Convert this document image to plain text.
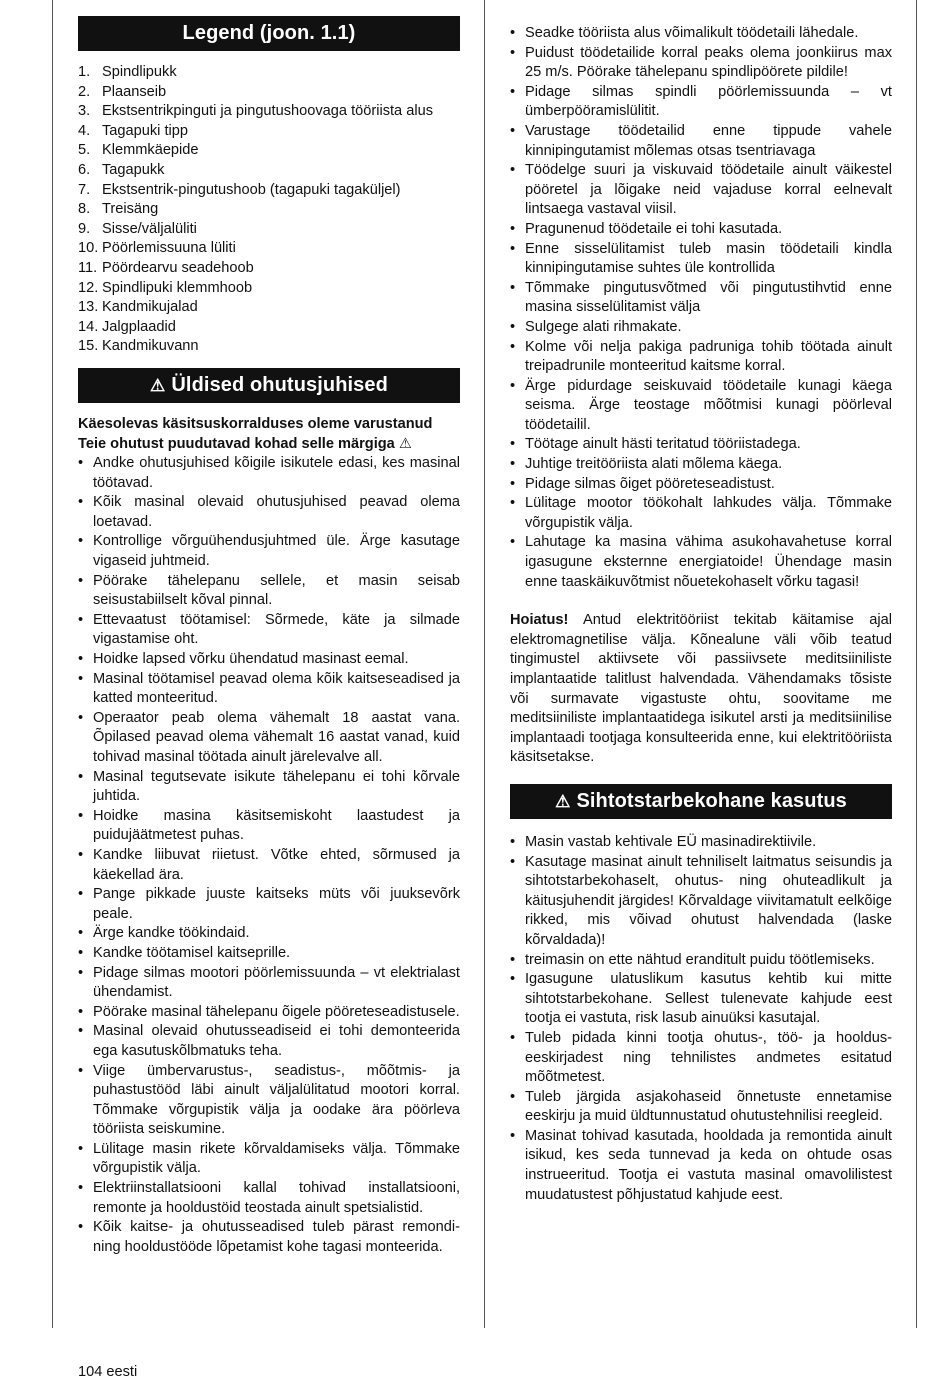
Legend (joon. 1.1)
1. Spindlipukk
2. Plaanseib
3. Ekstsentrikpinguti ja pingutushoovaga tööriista alus
4. Tagapuki tipp
5. Klemmkäepide
6. Tagapukk
7. Ekstsentrik-pingutushoob (tagapuki tagaküljel)
8. Treisäng
9. Sisse/väljalüliti
10. Pöörlemissuuna lüliti
11. Pöördearvu seadehoob
12. Spindlipuki klemmhoob
13. Kandmikujalad
14. Jalgplaadid
15. Kandmikuvann
⚠ Üldised ohutusjuhised

Käesolevas käsitsuskorralduses oleme varustanud Teie ohutust puudutavad kohad selle märgiga ⚠

• Andke ohutusjuhised kõigile isikutele edasi, kes masinal töötavad.
• Kõik masinal olevaid ohutusjuhised peavad olema loetavad.
• Kontrollige võrguühendusjuhtmed üle. Ärge kasutage vigaseid juhtmeid.
• Pöörake tähelepanu sellele, et masin seisab seisustabiilselt kõval pinnal.
• Ettevaatust töötamisel: Sõrmede, käte ja silmade vigastamise oht.
• Hoidke lapsed võrku ühendatud masinast eemal.
• Masinal töötamisel peavad olema kõik kaitseseadised ja katted monteeritud.
• Operaator peab olema vähemalt 18 aastat vana. Õpilased peavad olema vähemalt 16 aastat vanad, kuid tohivad masinal töötada ainult järelevalve all.
• Masinal tegutsevate isikute tähelepanu ei tohi kõrvale juhtida.
• Hoidke masina käsitsemiskoht laastudest ja puidujäätmetest puhas.
• Kandke liibuvat riietust. Võtke ehted, sõrmused ja käekellad ära.
• Pange pikkade juuste kaitseks müts või juuksevõrk peale.
• Ärge kandke töökindaid.
• Kandke töötamisel kaitseprille.
• Pidage silmas mootori pöörlemissuunda – vt elektrialast ühendamist.
• Pöörake masinal tähelepanu õigele pööreteseadistusele.
• Masinal olevaid ohutusseadiseid ei tohi demonteerida ega kasutuskõlbmatuks teha.
• Viige ümbervarustus-, seadistus-, mõõtmis- ja puhastustööd läbi ainult väljalülitatud mootori korral. Tõmmake võrgupistik välja ja oodake ära pöörleva tööriista seiskumine.
• Lülitage masin rikete kõrvaldamiseks välja. Tõmmake võrgupistik välja.
• Elektriinstallatsiooni kallal tohivad installatsiooni, remonte ja hooldustöid teostada ainult spetsialistid.
• Kõik kaitse- ja ohutusseadised tuleb pärast remondi- ning hooldustööde lõpetamist kohe tagasi monteerida.
• Seadke tööriista alus võimalikult töödetaili lähedale.
• Puidust töödetailide korral peaks olema joonkiirus max 25 m/s. Pöörake tähelepanu spindlipöörete pildile!
• Pidage silmas spindli pöörlemissuunda – vt ümberpööramislülitit.
• Varustage töödetailid enne tippude vahele kinnipingutamist mõlemas otsas tsentriavaga
• Töödelge suuri ja viskuvaid töödetaile ainult väikestel pööretel ja lõigake neid vajaduse korral eelnevalt lintsaega vastaval viisil.
• Pragunenud töödetaile ei tohi kasutada.
• Enne sisselülitamist tuleb masin töödetaili kindla kinnipingutamise suhtes üle kontrollida
• Tõmmake pingutusvõtmed või pingutustihvtid enne masina sisselülitamist välja
• Sulgege alati rihmakate.
• Kolme või nelja pakiga padruniga tohib töötada ainult treipadrunile monteeritud kaitsme korral.
• Ärge pidurdage seiskuvaid töödetaile kunagi käega seisma. Ärge teostage mõõtmisi kunagi pöörleval töödetailil.
• Töötage ainult hästi teritatud tööriistadega.
• Juhtige treitööriista alati mõlema käega.
• Pidage silmas õiget pööreteseadistust.
• Lülitage mootor töökohalt lahkudes välja. Tõmmake võrgupistik välja.
• Lahutage ka masina vähima asukohavahetuse korral igasugune eksternne energiatoide! Ühendage masin enne taaskäikuvõtmist nõuetekohaselt võrku tagasi!

Hoiatus! Antud elektritööriist tekitab käitamise ajal elektromagnetilise välja. Kõnealune väli võib teatud tingimustel aktiivsete või passiivsete meditsiiniliste implantaatide talitlust halvendada. Vähendamaks tõsiste või surmavate vigastuste ohtu, soovitame me meditsiiniliste implantaatidega isikutel arsti ja meditsiinilise implantaadi tootjaga konsulteerida enne, kui elektritööriista käsitsetakse.

⚠ Sihtotstarbekohane kasutus
• Masin vastab kehtivale EÜ masinadirektiivile.
• Kasutage masinat ainult tehniliselt laitmatus seisundis ja sihtotstarbekohaselt, ohutus- ning ohuteadlikult ja käitusjuhendit järgides! Kõrvaldage viivitamatult eelkõige rikked, mis võivad ohutust halvendada (laske kõrvaldada)!
• treimasin on ette nähtud eranditult puidu töötlemiseks.
• Igasugune ulatuslikum kasutus kehtib kui mitte sihtotstarbekohane. Sellest tulenevate kahjude eest tootja ei vastuta, risk lasub ainuüksi kasutajal.
• Tuleb pidada kinni tootja ohutus-, töö- ja hoolduseeskirjadest ning tehnilistes andmetes esitatud mõõtmetest.
• Tuleb järgida asjakohaseid õnnetuste ennetamise eeskirju ja muid üldtunnustatud ohutustehnilisi reegleid.
• Masinat tohivad kasutada, hooldada ja remontida ainult isikud, kes seda tunnevad ja keda on ohtude osas instrueeritud. Tootja ei vastuta masinal omavolilistest muudatustest põhjustatud kahjude eest.
104 eesti
